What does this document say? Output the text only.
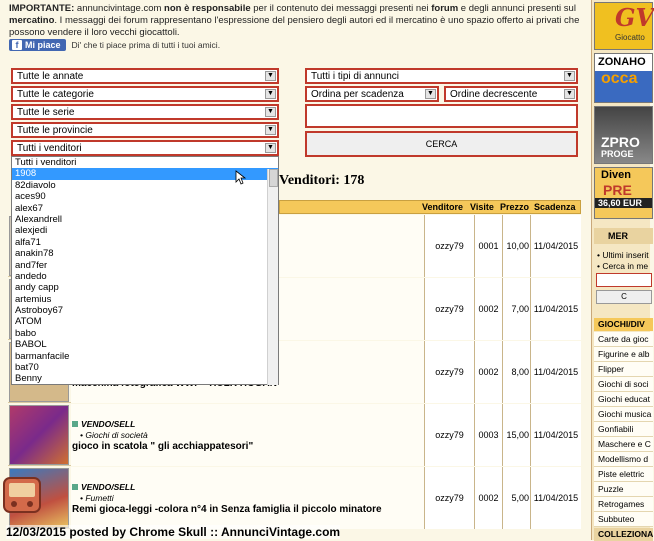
IMPORTANTE: annuncivintage.com non è responsabile per il contenuto dei messaggi presenti nei forum e degli annunci presenti sul mercatino. I messaggi dei forum rappresentano l'espressione del pensiero degli autori ed il mercatino è uno spazio offerto ai privati che possono vendere il loro vecchi giocattoli.
f Mi piace Di' che ti piace prima di tutti i tuoi amici.
Tutte le annate	▼
Tutte le categorie	▼
Tutte le serie	▼
Tutte le provincie	▼
Tutti i venditori	▼
Tutti i tipi di annunci	▼
Ordina per scadenza	▼ Ordine decrescente	▼
CERCA
Venditori: 178
Venditore Visite Prezzo Scadenza
ozzy79	0001 10,00 11/04/2015
ozzy79	0002	7,00 11/04/2015
ozzy79	0002	8,00 11/04/2015
VENDO/SELL
• Giochi di società
gioco in scatola " gli acchiappatesori"
ozzy79	0003 15,00 11/04/2015
VENDO/SELL
• Fumetti
Remi gioca-leggi -colora n°4 in Senza famiglia il piccolo minatore
ozzy79	0002	5,00 11/04/2015
Tutti i venditori
1908
82diavolo
aces90
alex67
Alexandrell
alexjedi
alfa71
anakin78
and7fer
andedo
andy capp
artemius
Astroboy67
ATOM
babo
BABOL
barmanfacile
bat70
Benny
GV
Giocatto
ZONAHO
occa
ZPRO
PROGE
Diven
PRE
36,60 EUR
MER
• Ultimi inserit
• Cerca in me
C
GIOCHI/DIV
Carte da gioc
Figurine e alb
Flipper
Giochi di soci
Giochi educat
Giochi musica
Gonfiabili
Maschere e C
Modellismo d
Piste elettric
Puzzle
Retrogames
Subbuteo
COLLEZIONA
12/03/2015 posted by Chrome Skull :: AnnunciVintage.com
